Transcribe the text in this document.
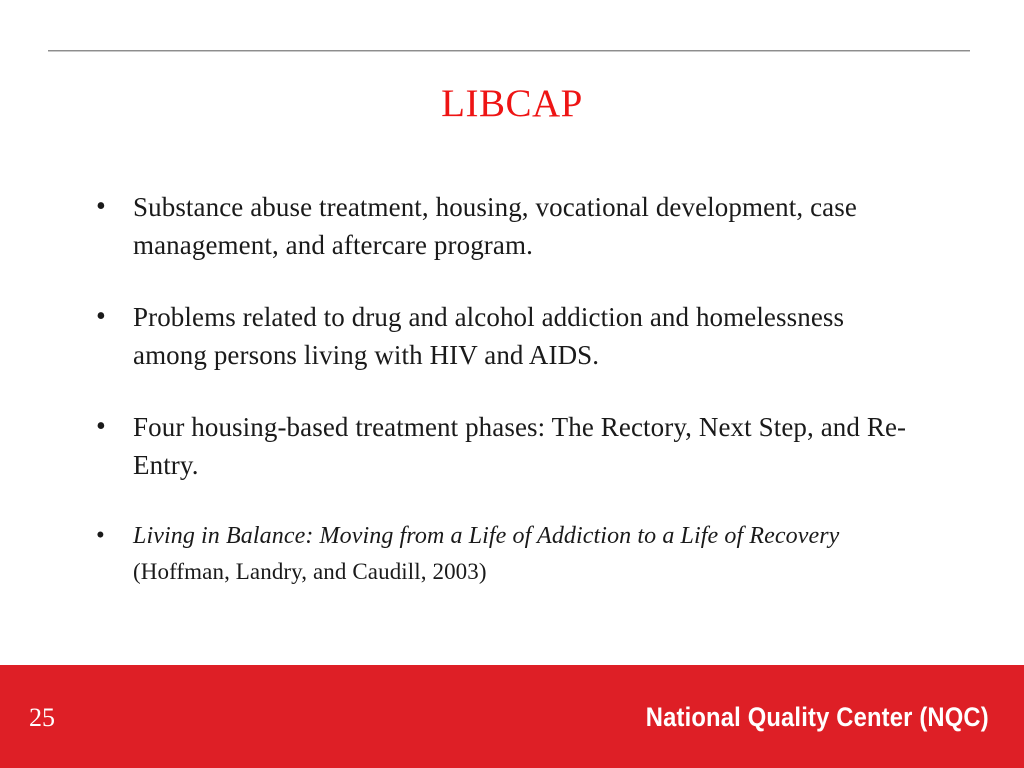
LIBCAP
• Substance abuse treatment, housing, vocational development, case management, and aftercare program.
• Problems related to drug and alcohol addiction and homelessness among persons living with HIV and AIDS.
• Four housing-based treatment phases: The Rectory, Next Step, and Re-Entry.
• Living in Balance: Moving from a Life of Addiction to a Life of Recovery (Hoffman, Landry, and Caudill, 2003)
25	National Quality Center (NQC)
